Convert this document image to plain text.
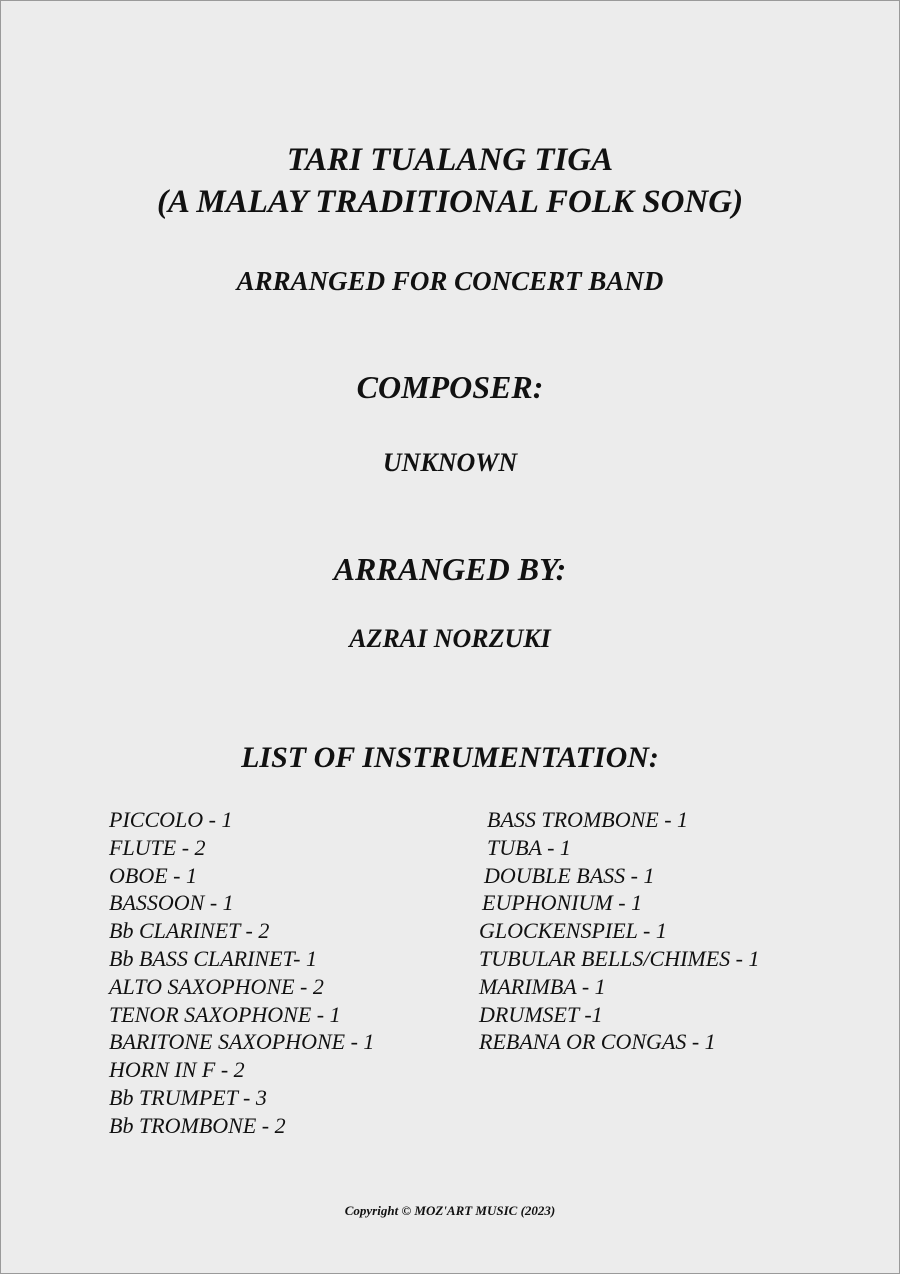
TARI TUALANG TIGA
(A MALAY TRADITIONAL FOLK SONG)
ARRANGED FOR CONCERT BAND
COMPOSER:
UNKNOWN
ARRANGED BY:
AZRAI NORZUKI
LIST OF INSTRUMENTATION:
PICCOLO - 1
FLUTE - 2
OBOE - 1
BASSOON - 1
Bb CLARINET - 2
Bb BASS CLARINET- 1
ALTO SAXOPHONE - 2
TENOR SAXOPHONE - 1
BARITONE SAXOPHONE - 1
HORN IN F - 2
Bb TRUMPET - 3
Bb TROMBONE - 2
BASS TROMBONE - 1
TUBA - 1
DOUBLE BASS - 1
EUPHONIUM - 1
GLOCKENSPIEL - 1
TUBULAR BELLS/CHIMES - 1
MARIMBA - 1
DRUMSET -1
REBANA OR CONGAS - 1
Copyright © MOZ'ART MUSIC (2023)
